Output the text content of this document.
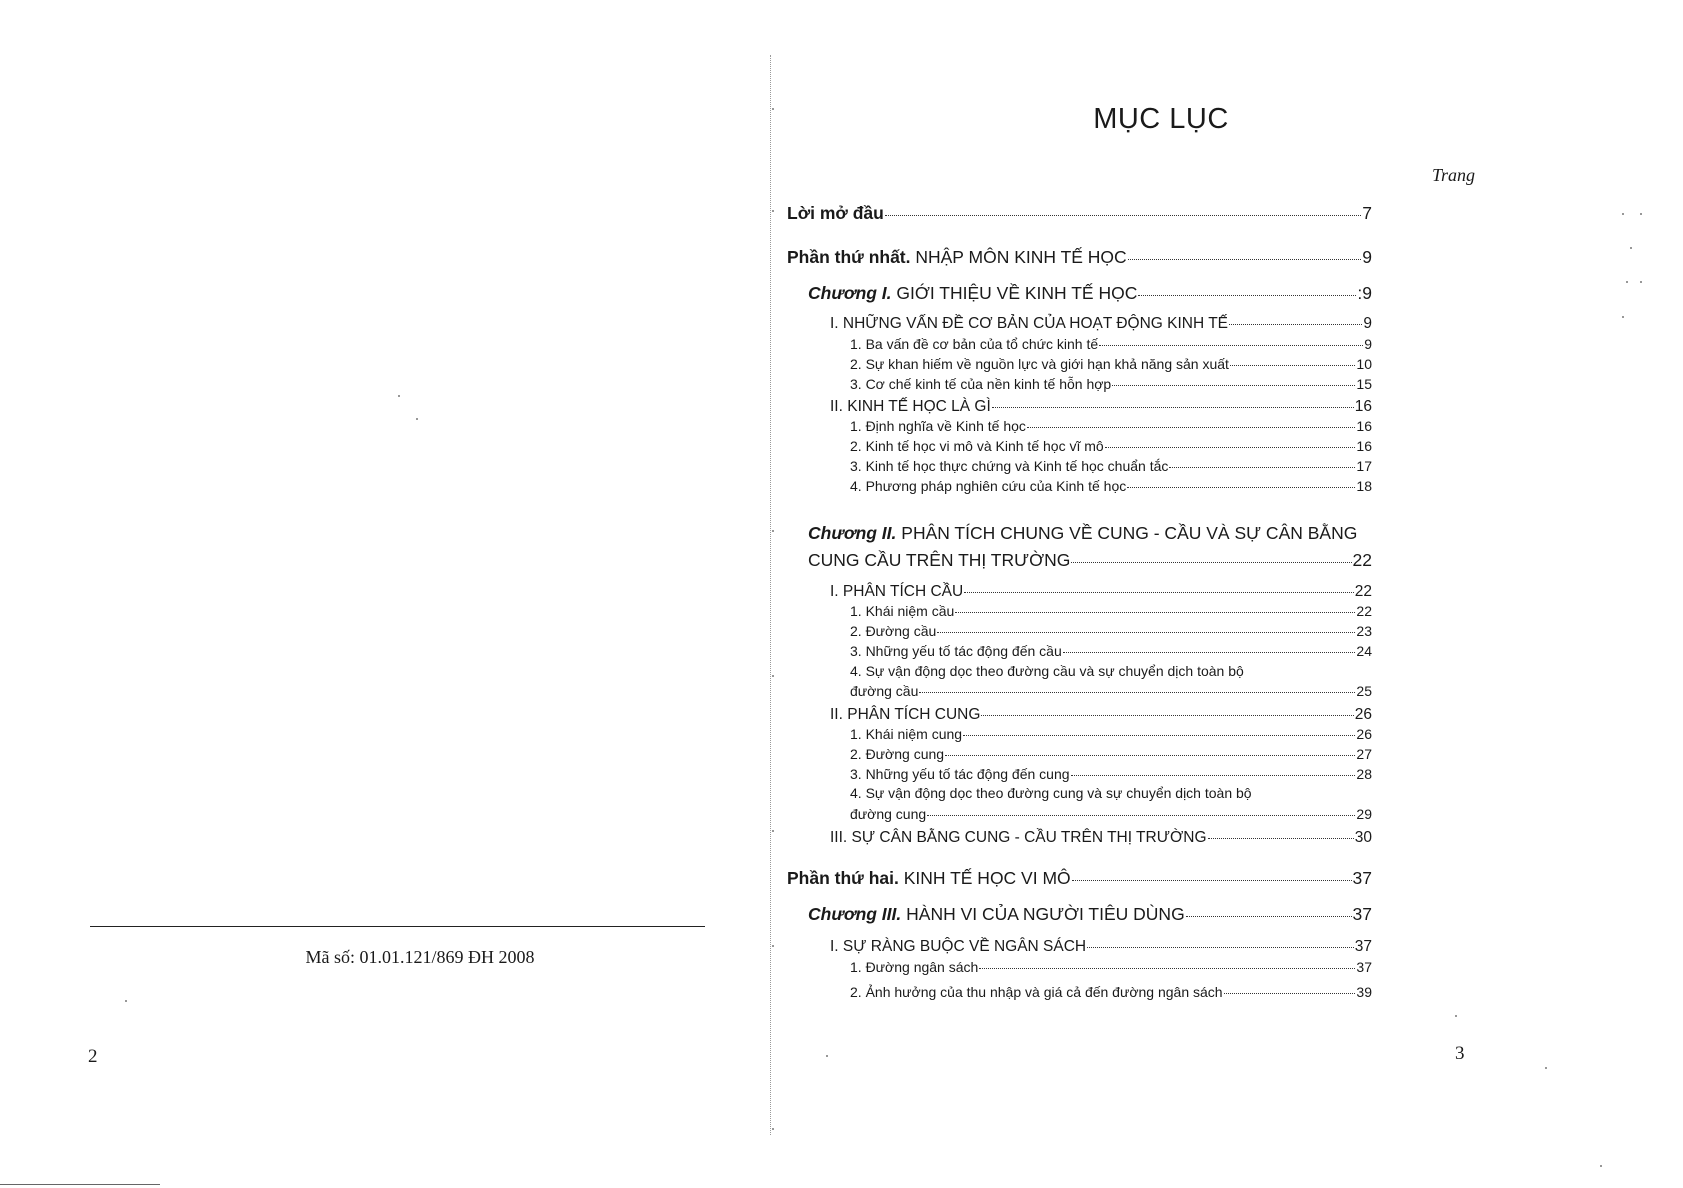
Mã số: 01.01.121/869 ĐH 2008
2
MỤC LỤC
Trang
3
Lời mở đầu	7
Phần thứ nhất. NHẬP MÔN KINH TẾ HỌC	9
Chương I. GIỚI THIỆU VỀ KINH TẾ HỌC	:9
I. NHỮNG VẤN ĐỀ CƠ BẢN CỦA HOẠT ĐỘNG KINH TẾ	9
1. Ba vấn đề cơ bản của tổ chức kinh tế	9
2. Sự khan hiếm về nguồn lực và giới hạn khả năng sản xuất	10
3. Cơ chế kinh tế của nền kinh tế hỗn hợp	15
II. KINH TẾ HỌC LÀ GÌ	16
1. Định nghĩa về Kinh tế học	16
2. Kinh tế học vi mô và Kinh tế học vĩ mô	16
3. Kinh tế học thực chứng và Kinh tế học chuẩn tắc	17
4. Phương pháp nghiên cứu của Kinh tế học	18
Chương II. PHÂN TÍCH CHUNG VỀ CUNG - CẦU VÀ SỰ CÂN BẰNG
CUNG CẦU TRÊN THỊ TRƯỜNG	22
I. PHÂN TÍCH CẦU	22
1. Khái niệm cầu	22
2. Đường cầu	23
3. Những yếu tố tác động đến cầu	24
4. Sự vận động dọc theo đường cầu và sự chuyển dịch toàn bộ
đường cầu	25
II. PHÂN TÍCH CUNG	26
1. Khái niệm cung	26
2. Đường cung	27
3. Những yếu tố tác động đến cung	28
4. Sự vận động dọc theo đường cung và sự chuyển dịch toàn bộ
đường cung	29
III. SỰ CÂN BẰNG CUNG - CẦU TRÊN THỊ TRƯỜNG	30
Phần thứ hai. KINH TẾ HỌC VI MÔ	37
Chương III. HÀNH VI CỦA NGƯỜI TIÊU DÙNG	37
I. SỰ RÀNG BUỘC VỀ NGÂN SÁCH	37
1. Đường ngân sách	37
2. Ảnh hưởng của thu nhập và giá cả đến đường ngân sách	39
